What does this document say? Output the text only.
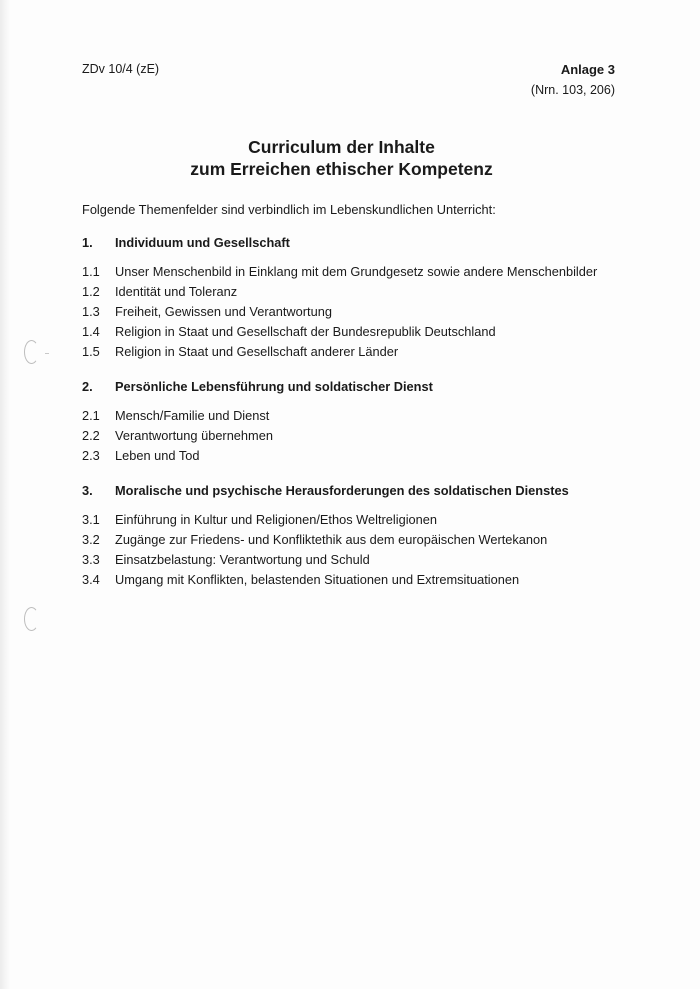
ZDv 10/4 (zE)	Anlage 3
(Nrn. 103, 206)
Curriculum der Inhalte
zum Erreichen ethischer Kompetenz
Folgende Themenfelder sind verbindlich im Lebenskundlichen Unterricht:
1.	Individuum und Gesellschaft
1.1	Unser Menschenbild in Einklang mit dem Grundgesetz sowie andere Menschenbilder
1.2	Identität und Toleranz
1.3	Freiheit, Gewissen und Verantwortung
1.4	Religion in Staat und Gesellschaft der Bundesrepublik Deutschland
1.5	Religion in Staat und Gesellschaft anderer Länder
2.	Persönliche Lebensführung und soldatischer Dienst
2.1	Mensch/Familie und Dienst
2.2	Verantwortung übernehmen
2.3	Leben und Tod
3.	Moralische und psychische Herausforderungen des soldatischen Dienstes
3.1	Einführung in Kultur und Religionen/Ethos Weltreligionen
3.2	Zugänge zur Friedens- und Konfliktethik aus dem europäischen Wertekanon
3.3	Einsatzbelastung: Verantwortung und Schuld
3.4	Umgang mit Konflikten, belastenden Situationen und Extremsituationen
